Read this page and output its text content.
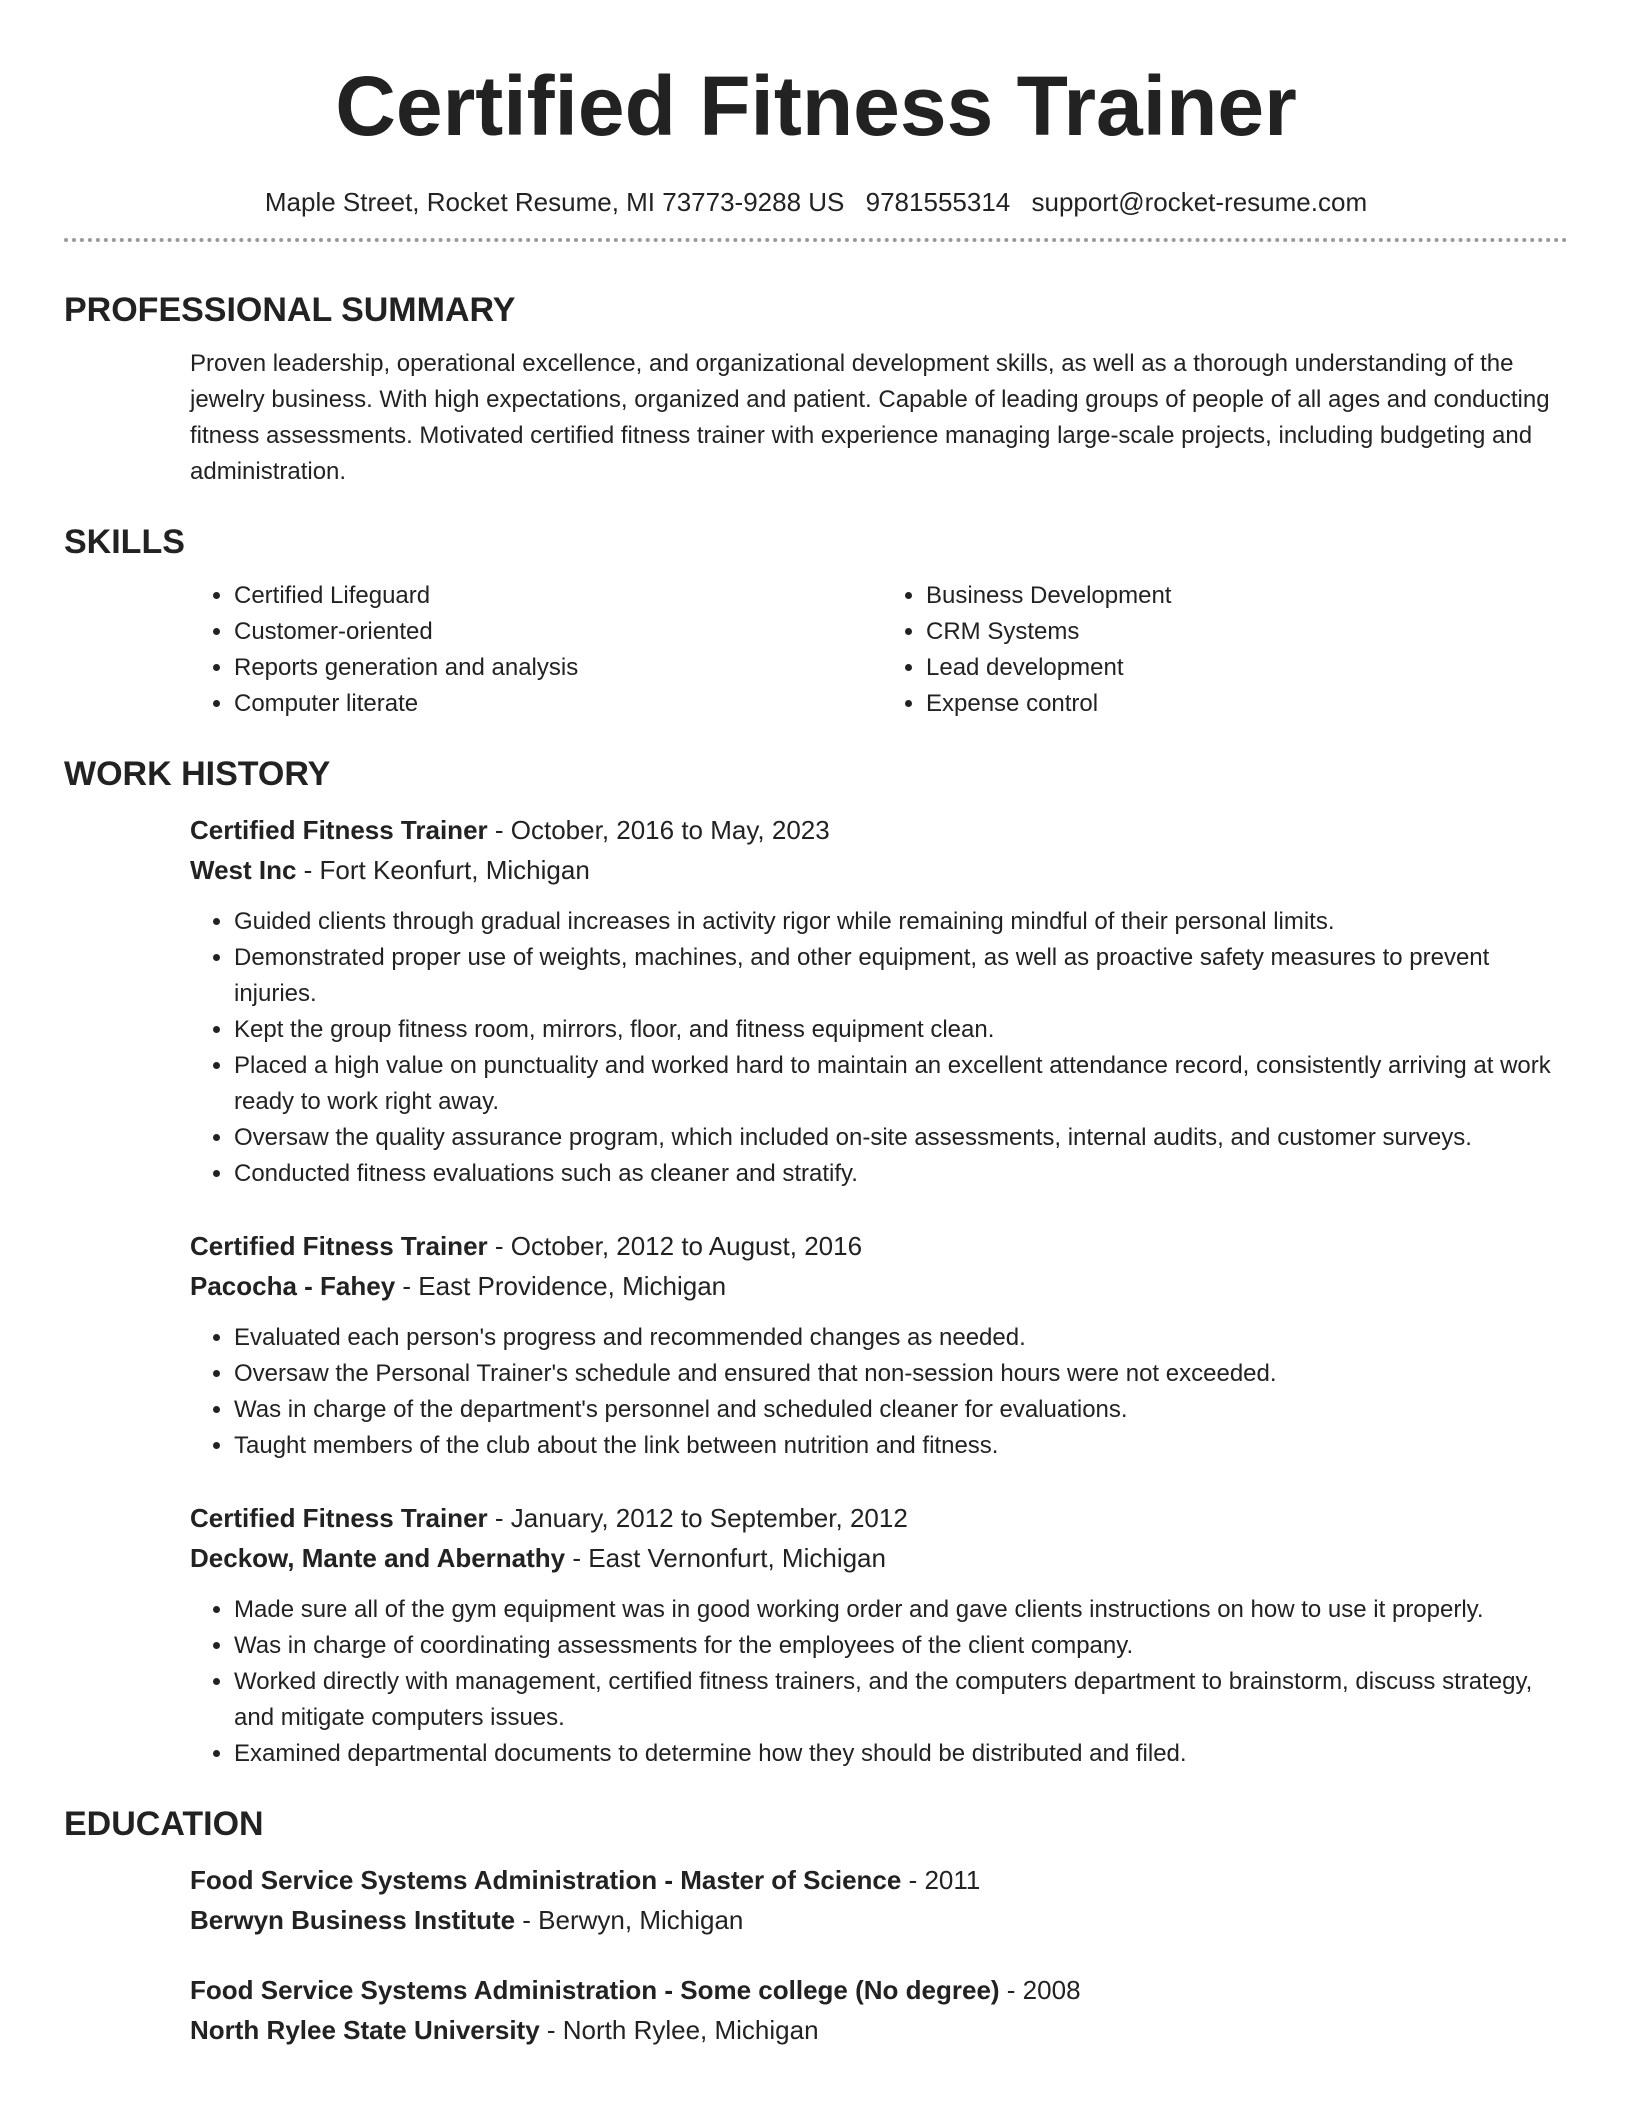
Certified Fitness Trainer
Maple Street, Rocket Resume, MI 73773-9288 US 9781555314 support@rocket-resume.com
PROFESSIONAL SUMMARY

Proven leadership, operational excellence, and organizational development skills, as well as a thorough understanding of the jewelry business. With high expectations, organized and patient. Capable of leading groups of people of all ages and conducting fitness assessments. Motivated certified fitness trainer with experience managing large-scale projects, including budgeting and administration.

SKILLS
• Certified Lifeguard
• Customer-oriented
• Reports generation and analysis
• Computer literate
• Business Development
• CRM Systems
• Lead development
• Expense control
WORK HISTORY
Certified Fitness Trainer - October, 2016 to May, 2023
West Inc - Fort Keonfurt, Michigan
• Guided clients through gradual increases in activity rigor while remaining mindful of their personal limits.
• Demonstrated proper use of weights, machines, and other equipment, as well as proactive safety measures to prevent injuries.
• Kept the group fitness room, mirrors, floor, and fitness equipment clean.
• Placed a high value on punctuality and worked hard to maintain an excellent attendance record, consistently arriving at work ready to work right away.
• Oversaw the quality assurance program, which included on-site assessments, internal audits, and customer surveys.
• Conducted fitness evaluations such as cleaner and stratify.
Certified Fitness Trainer - October, 2012 to August, 2016
Pacocha - Fahey - East Providence, Michigan
• Evaluated each person's progress and recommended changes as needed.
• Oversaw the Personal Trainer's schedule and ensured that non-session hours were not exceeded.
• Was in charge of the department's personnel and scheduled cleaner for evaluations.
• Taught members of the club about the link between nutrition and fitness.
Certified Fitness Trainer - January, 2012 to September, 2012
Deckow, Mante and Abernathy - East Vernonfurt, Michigan
• Made sure all of the gym equipment was in good working order and gave clients instructions on how to use it properly.
• Was in charge of coordinating assessments for the employees of the client company.
• Worked directly with management, certified fitness trainers, and the computers department to brainstorm, discuss strategy, and mitigate computers issues.
• Examined departmental documents to determine how they should be distributed and filed.
EDUCATION
Food Service Systems Administration - Master of Science - 2011
Berwyn Business Institute - Berwyn, Michigan
Food Service Systems Administration - Some college (No degree) - 2008
North Rylee State University - North Rylee, Michigan
